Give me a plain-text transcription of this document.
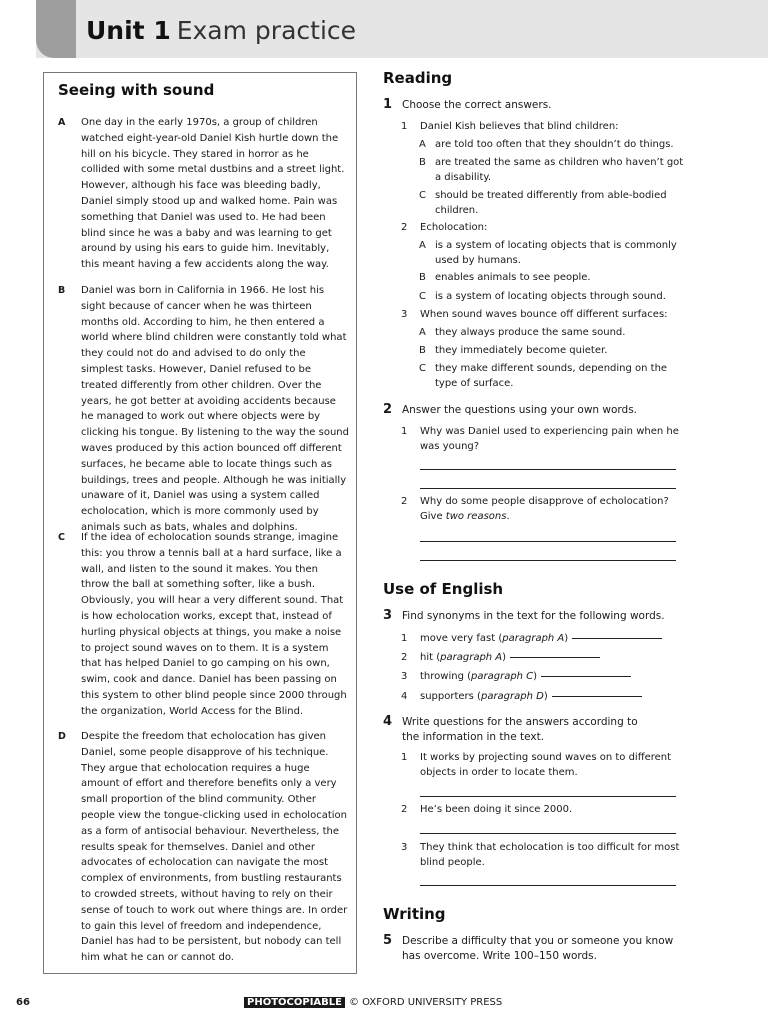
Unit 1 Exam practice
Seeing with sound
A One day in the early 1970s, a group of children watched eight-year-old Daniel Kish hurtle down the hill on his bicycle. They stared in horror as he collided with some metal dustbins and a street light. However, although his face was bleeding badly, Daniel simply stood up and walked home. Pain was something that Daniel was used to. He had been blind since he was a baby and was learning to get around by using his ears to guide him. Inevitably, this meant having a few accidents along the way.
B Daniel was born in California in 1966. He lost his sight because of cancer when he was thirteen months old. According to him, he then entered a world where blind children were constantly told what they could not do and advised to do only the simplest tasks. However, Daniel refused to be treated differently from other children. Over the years, he got better at avoiding accidents because he managed to work out where objects were by clicking his tongue. By listening to the way the sound waves produced by this action bounced off different surfaces, he became able to locate things such as buildings, trees and people. Although he was initially unaware of it, Daniel was using a system called echolocation, which is more commonly used by animals such as bats, whales and dolphins.
C If the idea of echolocation sounds strange, imagine this: you throw a tennis ball at a hard surface, like a wall, and listen to the sound it makes. You then throw the ball at something softer, like a bush. Obviously, you will hear a very different sound. That is how echolocation works, except that, instead of hurling physical objects at things, you make a noise to project sound waves on to them. It is a system that has helped Daniel to go camping on his own, swim, cook and dance. Daniel has been passing on this system to other blind people since 2000 through the organization, World Access for the Blind.
D Despite the freedom that echolocation has given Daniel, some people disapprove of his technique. They argue that echolocation requires a huge amount of effort and therefore benefits only a very small proportion of the blind community. Other people view the tongue-clicking used in echolocation as a form of antisocial behaviour. Nevertheless, the results speak for themselves. Daniel and other advocates of echolocation can navigate the most complex of environments, from bustling restaurants to crowded streets, without having to rely on their sense of touch to work out where things are. In order to gain this level of freedom and independence, Daniel has had to be persistent, but nobody can tell him what he can or cannot do.
Reading
1 Choose the correct answers.
1 Daniel Kish believes that blind children:
A are told too often that they shouldn’t do things.
B are treated the same as children who haven’t got a disability.
C should be treated differently from able-bodied children.
2 Echolocation:
A is a system of locating objects that is commonly used by humans.
B enables animals to see people.
C is a system of locating objects through sound.
3 When sound waves bounce off different surfaces:
A they always produce the same sound.
B they immediately become quieter.
C they make different sounds, depending on the type of surface.
2 Answer the questions using your own words.
1 Why was Daniel used to experiencing pain when he was young?
2 Why do some people disapprove of echolocation?
Give two reasons.
Use of English
3 Find synonyms in the text for the following words.
1 move very fast (paragraph A)
2 hit (paragraph A)
3 throwing (paragraph C)
4 supporters (paragraph D)
4 Write questions for the answers according to the information in the text.
1 It works by projecting sound waves on to different objects in order to locate them.
2 He’s been doing it since 2000.
3 They think that echolocation is too difficult for most blind people.
Writing
5 Describe a difficulty that you or someone you know has overcome. Write 100–150 words.
66	PHOTOCOPIABLE © OXFORD UNIVERSITY PRESS
